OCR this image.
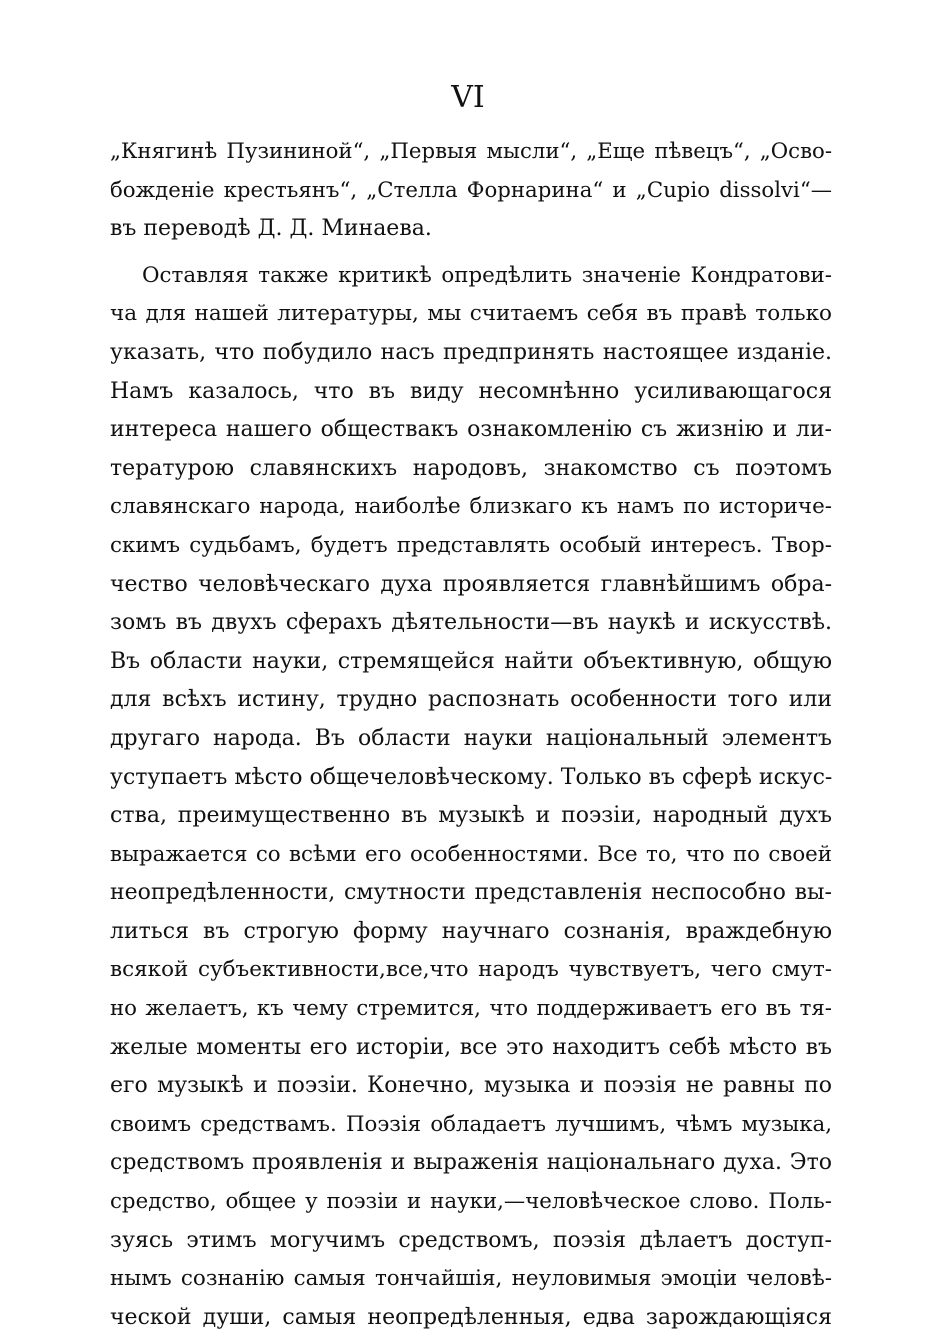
VI
„Княгинѣ Пузининой“, „Первыя мысли“, „Еще пѣвецъ“, „Осво-
божденіе крестьянъ“, „Стелла Форнарина“ и „Cupio dissolvi“—
въ переводѣ Д. Д. Минаева.
Оставляя также критикѣ опредѣлить значеніе Кондратови-
ча для нашей литературы, мы считаемъ себя въ правѣ только
указать, что побудило насъ предпринять настоящее изданіе.
Намъ казалось, что въ виду несомнѣнно усиливающагося
интереса нашего обществакъ ознакомленію съ жизнію и ли-
тературою славянскихъ народовъ, знакомство съ поэтомъ
славянскаго народа, наиболѣе близкаго къ намъ по историче-
скимъ судьбамъ, будетъ представлять особый интересъ. Твор-
чество человѣческаго духа проявляется главнѣйшимъ обра-
зомъ въ двухъ сферахъ дѣятельности—въ наукѣ и искусствѣ.
Въ области науки, стремящейся найти объективную, общую
для всѣхъ истину, трудно распознать особенности того или
другаго народа. Въ области науки національный элементъ
уступаетъ мѣсто общечеловѣческому. Только въ сферѣ искус-
ства, преимущественно въ музыкѣ и поэзіи, народный духъ
выражается со всѣми его особенностями. Все то, что по своей
неопредѣленности, смутности представленія неспособно вы-
литься въ строгую форму научнаго сознанія, враждебную
всякой субъективности,все,что народъ чувствуетъ, чего смут-
но желаетъ, къ чему стремится, что поддерживаетъ его въ тя-
желые моменты его исторіи, все это находитъ себѣ мѣсто въ
его музыкѣ и поэзіи. Конечно, музыка и поэзія не равны по
своимъ средствамъ. Поэзія обладаетъ лучшимъ, чѣмъ музыка,
средствомъ проявленія и выраженія національнаго духа. Это
средство, общее у поэзіи и науки,—человѣческое слово. Поль-
зуясь этимъ могучимъ средствомъ, поэзія дѣлаетъ доступ-
нымъ сознанію самыя тончайшія, неуловимыя эмоціи человѣ-
ческой души, самыя неопредѣленныя, едва зарождающіяся
